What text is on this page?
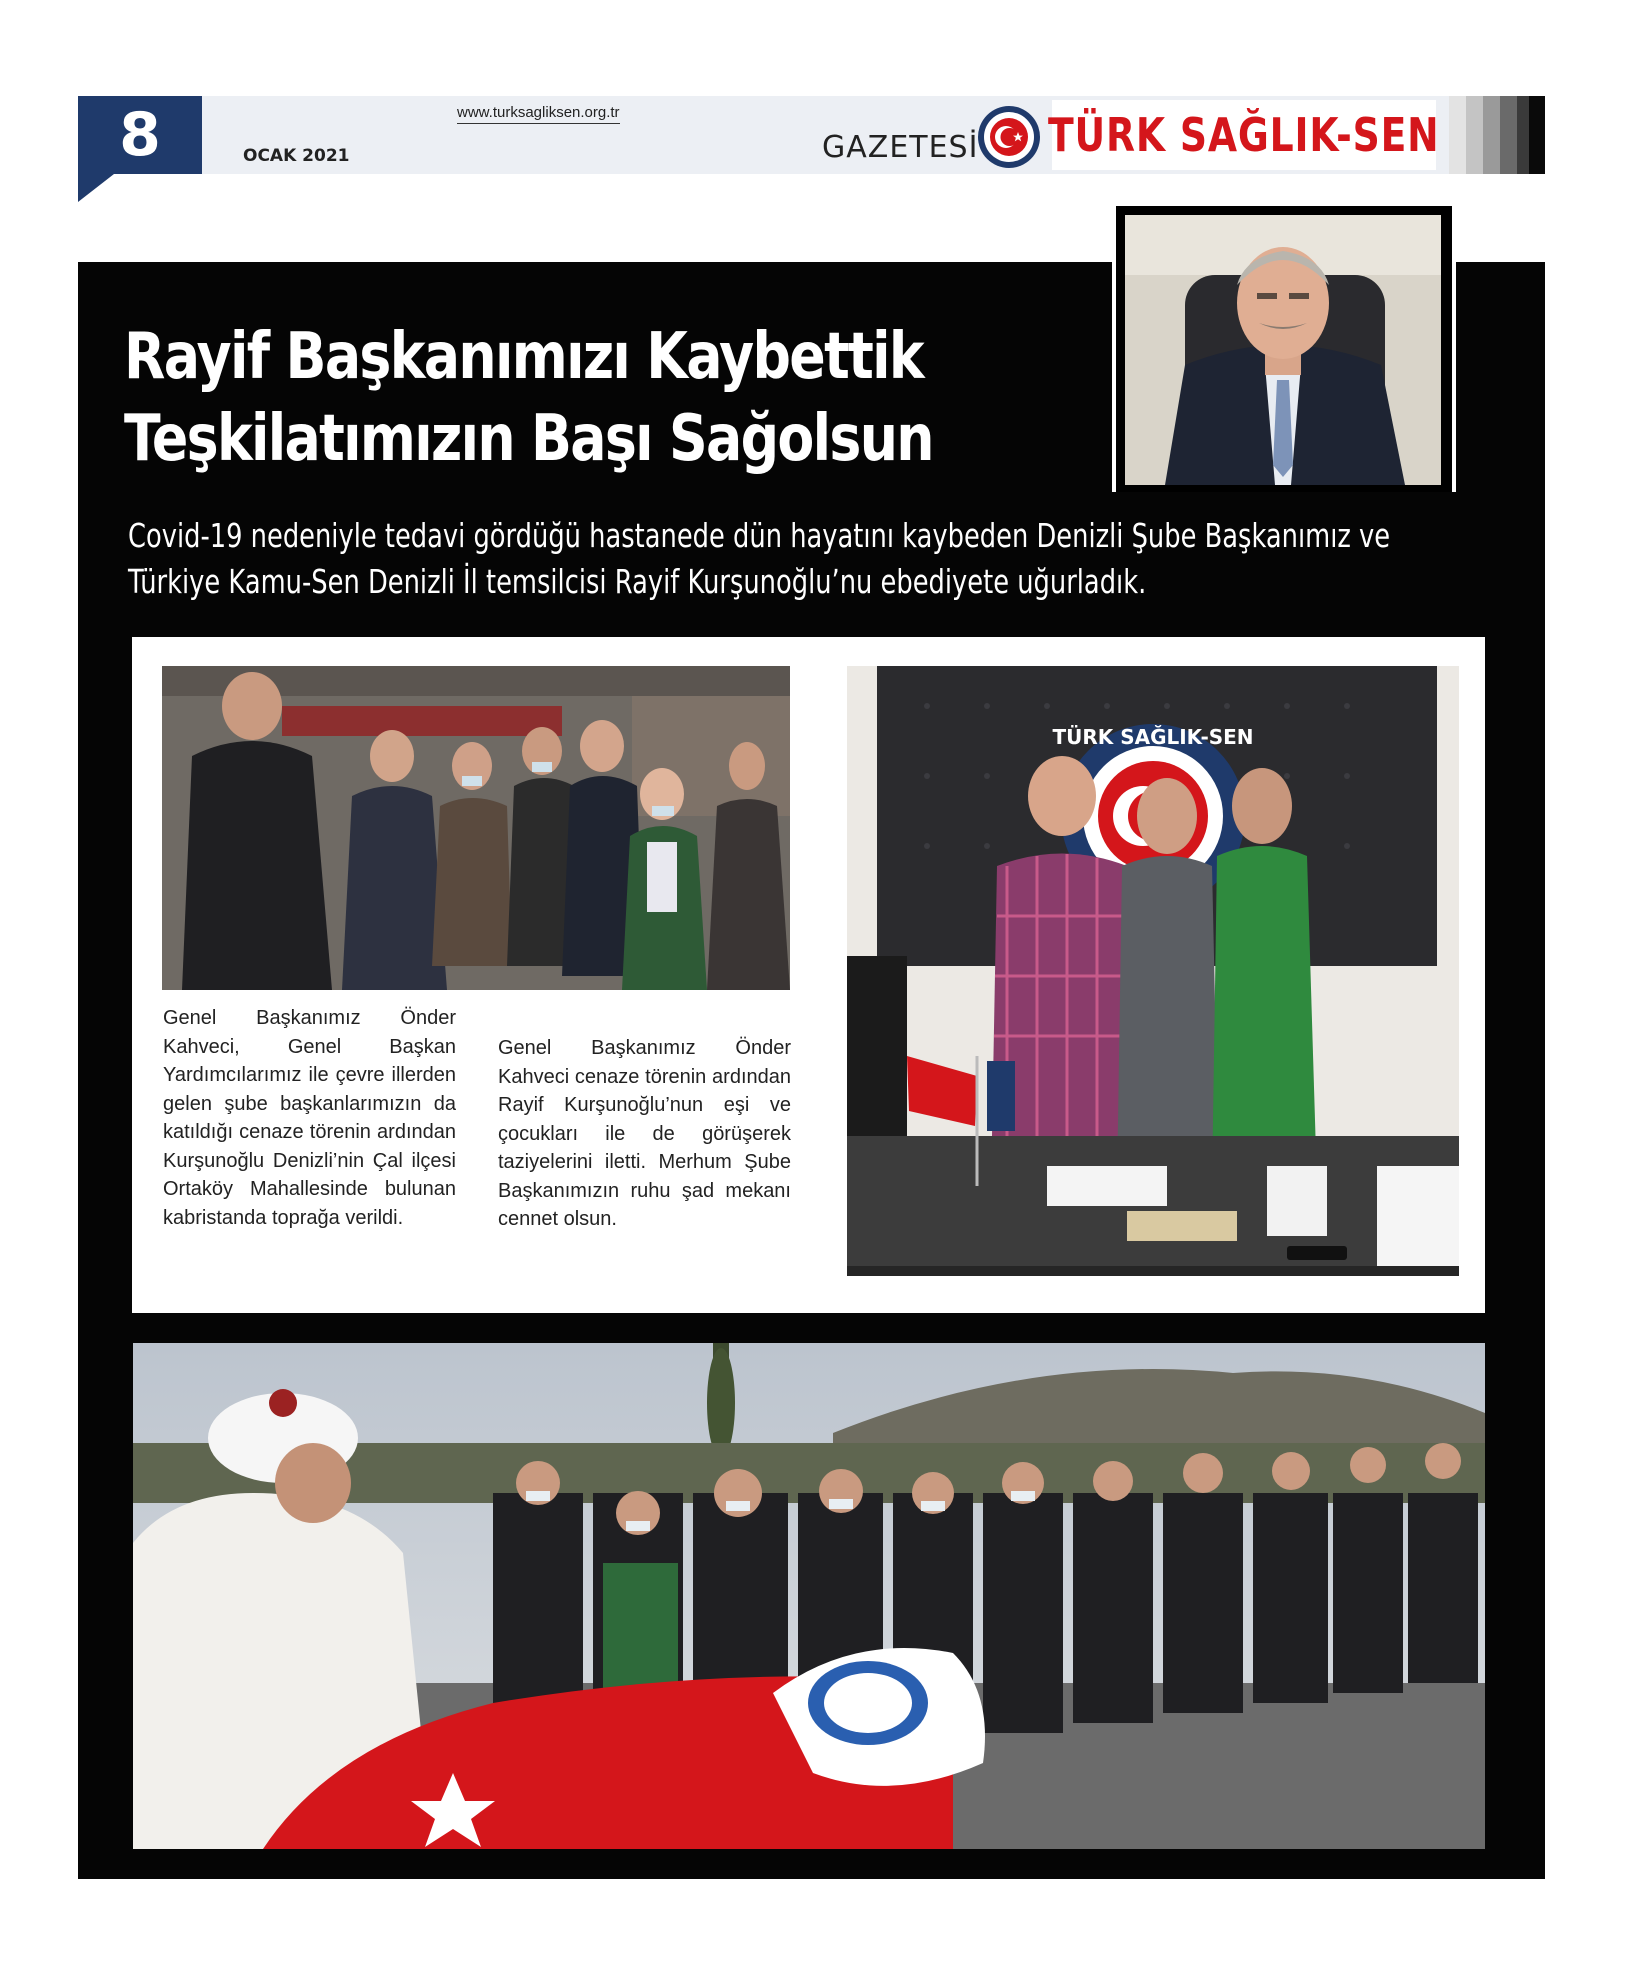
8	OCAK 2021
www.turksagliksen.org.tr
GAZETESİ TÜRK SAĞLIK-SEN
Rayif Başkanımızı Kaybettik
Teşkilatımızın Başı Sağolsun
Covid-19 nedeniyle tedavi gördüğü hastanede dün hayatını kaybeden Denizli Şube Başkanımız ve
Türkiye Kamu-Sen Denizli İl temsilcisi Rayif Kurşunoğlu’nu ebediyete uğurladık.
TÜRK SAĞLIK-SEN
Genel Başkanımız Önder Kahveci, Genel Başkan Yardımcılarımız ile çevre illerden gelen şube başkanlarımızın da katıldığı cenaze törenin ardından Kurşunoğlu Denizli’nin Çal ilçesi Ortaköy Mahallesinde bulunan kabristanda toprağa verildi.
Genel Başkanımız Önder Kahveci cenaze törenin ardından Rayif Kurşunoğlu’nun eşi ve çocukları ile de görüşerek taziyelerini iletti. Merhum Şube Başkanımızın ruhu şad mekanı cennet olsun.
